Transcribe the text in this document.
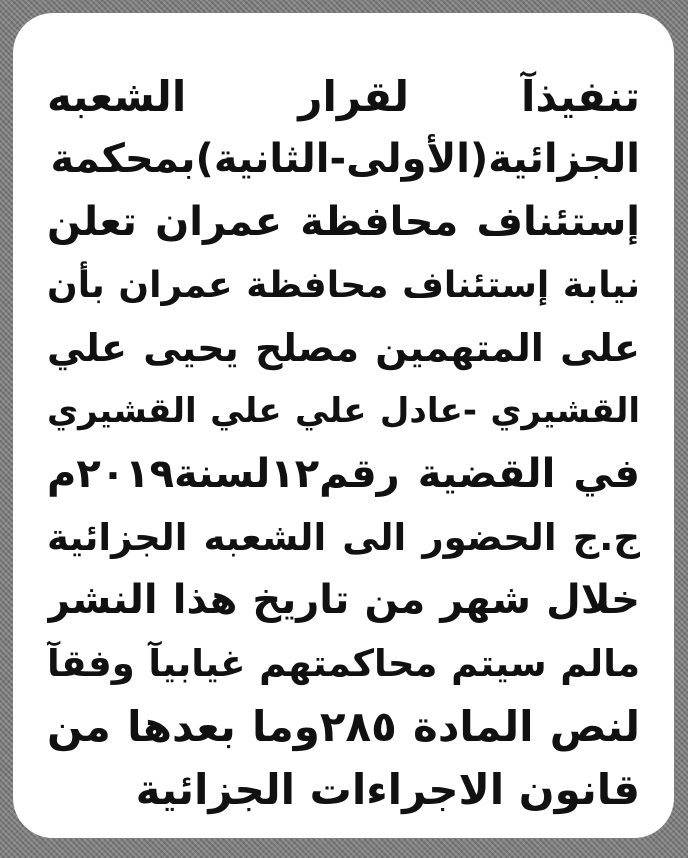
تنفيذآ لقرار الشعبه
الجزائية(الأولى-الثانية)بمحكمة
إستئناف محافظة عمران تعلن
نيابة إستئناف محافظة عمران بأن
على المتهمين مصلح يحيى علي
القشيري -عادل علي علي القشيري
في القضية رقم١٢لسنة٢٠١٩م
ج.ج الحضور الى الشعبه الجزائية
خلال شهر من تاريخ هذا النشر
مالم سيتم محاكمتهم غيابيآ وفقآ
لنص المادة ٢٨٥وما بعدها من
قانون الاجراءات الجزائية
